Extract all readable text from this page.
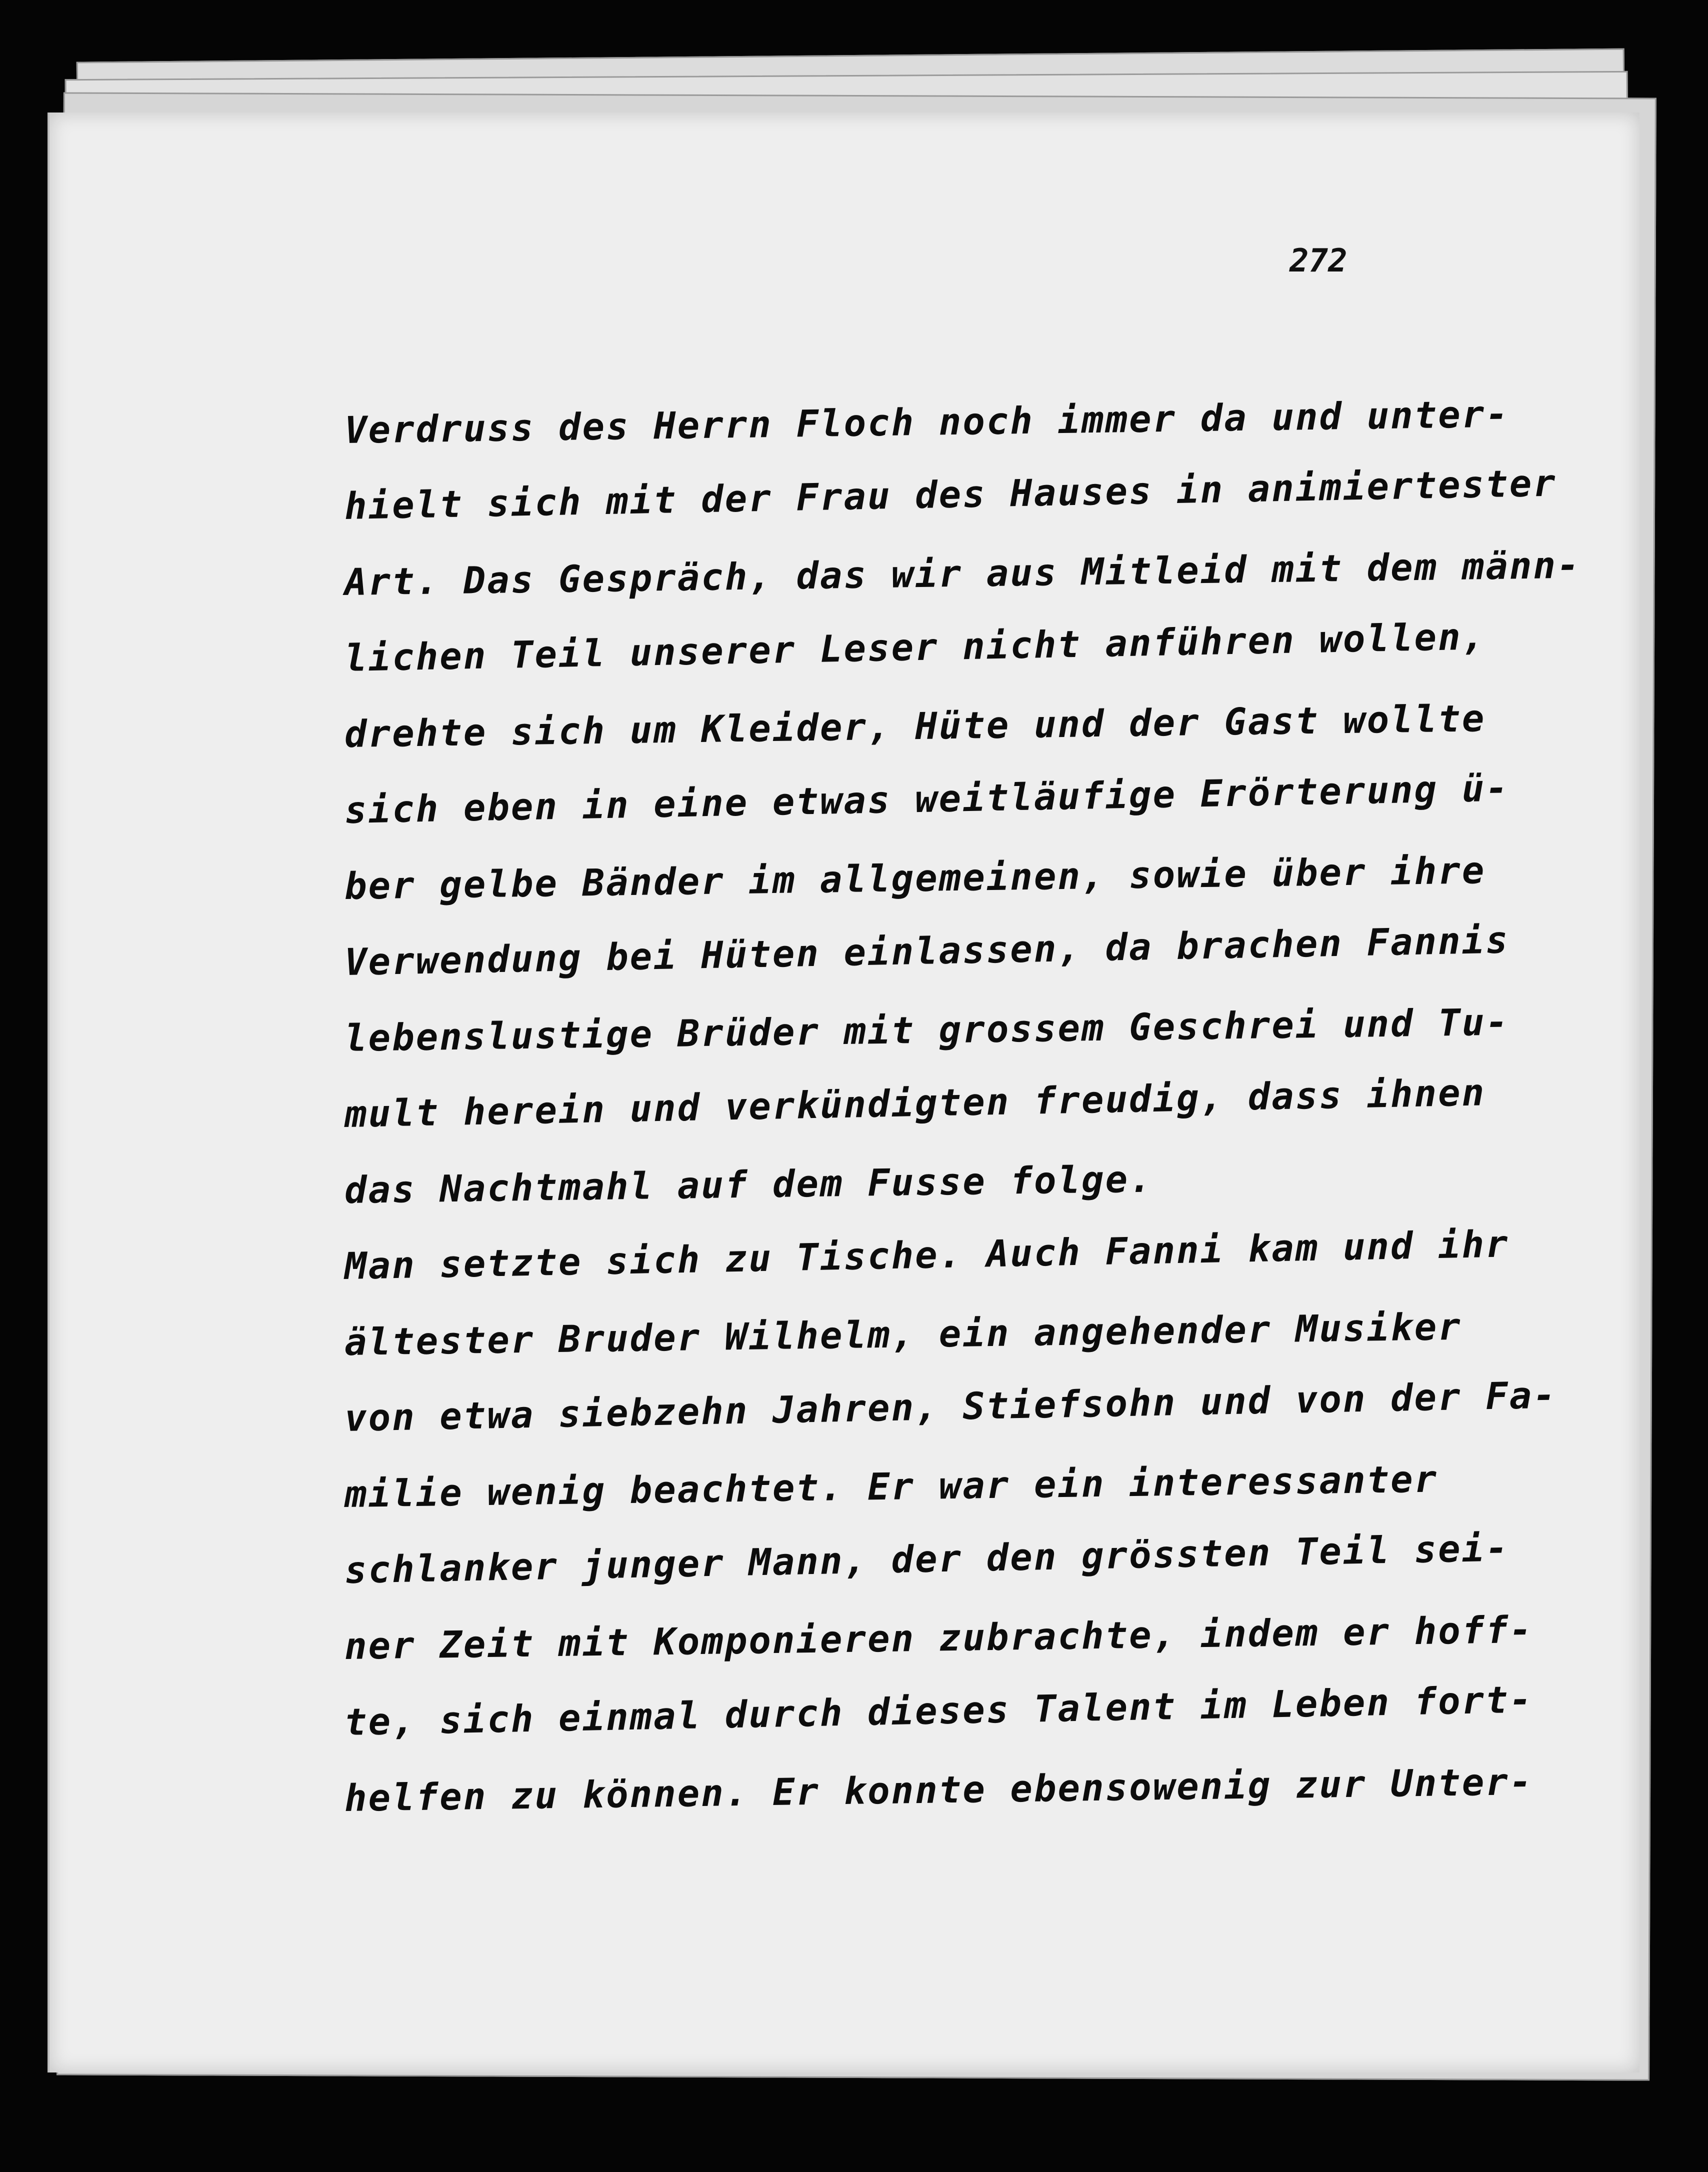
272

Verdruss des Herrn Floch noch immer da und unter-
hielt sich mit der Frau des Hauses in animiertester
Art. Das Gespräch, das wir aus Mitleid mit dem männ-
lichen Teil unserer Leser nicht anführen wollen,
drehte sich um Kleider, Hüte und der Gast wollte
sich eben in eine etwas weitläufige Erörterung ü-
ber gelbe Bänder im allgemeinen, sowie über ihre
Verwendung bei Hüten einlassen, da brachen Fannis
lebenslustige Brüder mit grossem Geschrei und Tu-
mult herein und verkündigten freudig, dass ihnen
das Nachtmahl auf dem Fusse folge.
Man setzte sich zu Tische. Auch Fanni kam und ihr
ältester Bruder Wilhelm, ein angehender Musiker
von etwa siebzehn Jahren, Stiefsohn und von der Fa-
milie wenig beachtet. Er war ein interessanter
schlanker junger Mann, der den grössten Teil sei-
ner Zeit mit Komponieren zubrachte, indem er hoff-
te, sich einmal durch dieses Talent im Leben fort-
helfen zu können. Er konnte ebensowenig zur Unter-
